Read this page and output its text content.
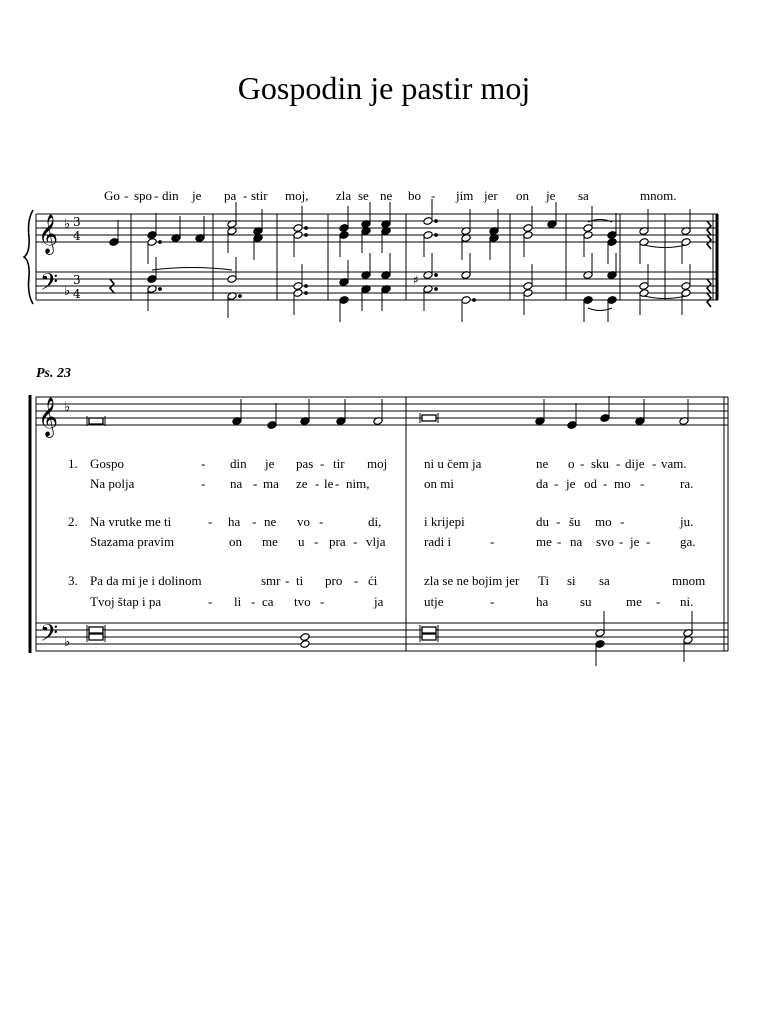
Gospodin je pastir moj
Go - spo - din je pa - stir moj, zla se ne bo - jim jer on je sa	mnom.
Ps. 23
1. Gospo	- din je pas - tir moj	ni u čem ja	ne o - sku - dije - vam.
Na polja	- na - ma ze - le - nim,	on mi	da - je od - mo -	ra.
2. Na vrutke me ti	- ha - ne vo -	di,	i krijepi	du - šu mo -	ju.
Stazama pravim	on me u - pra - vlja	radi i	-	me - na svo - je - ga.
3. Pa da mi je i dolinom	smr - ti pro - ći	zla se ne bojim jer Ti si sa	mnom
Tvoj štap i pa	- li - ca tvo -	ja	utje	-	ha su	me - ni.
𝄞
𝄢
♭
♭
3
4
3
4
♯
𝄞
𝄢
♭
♭
